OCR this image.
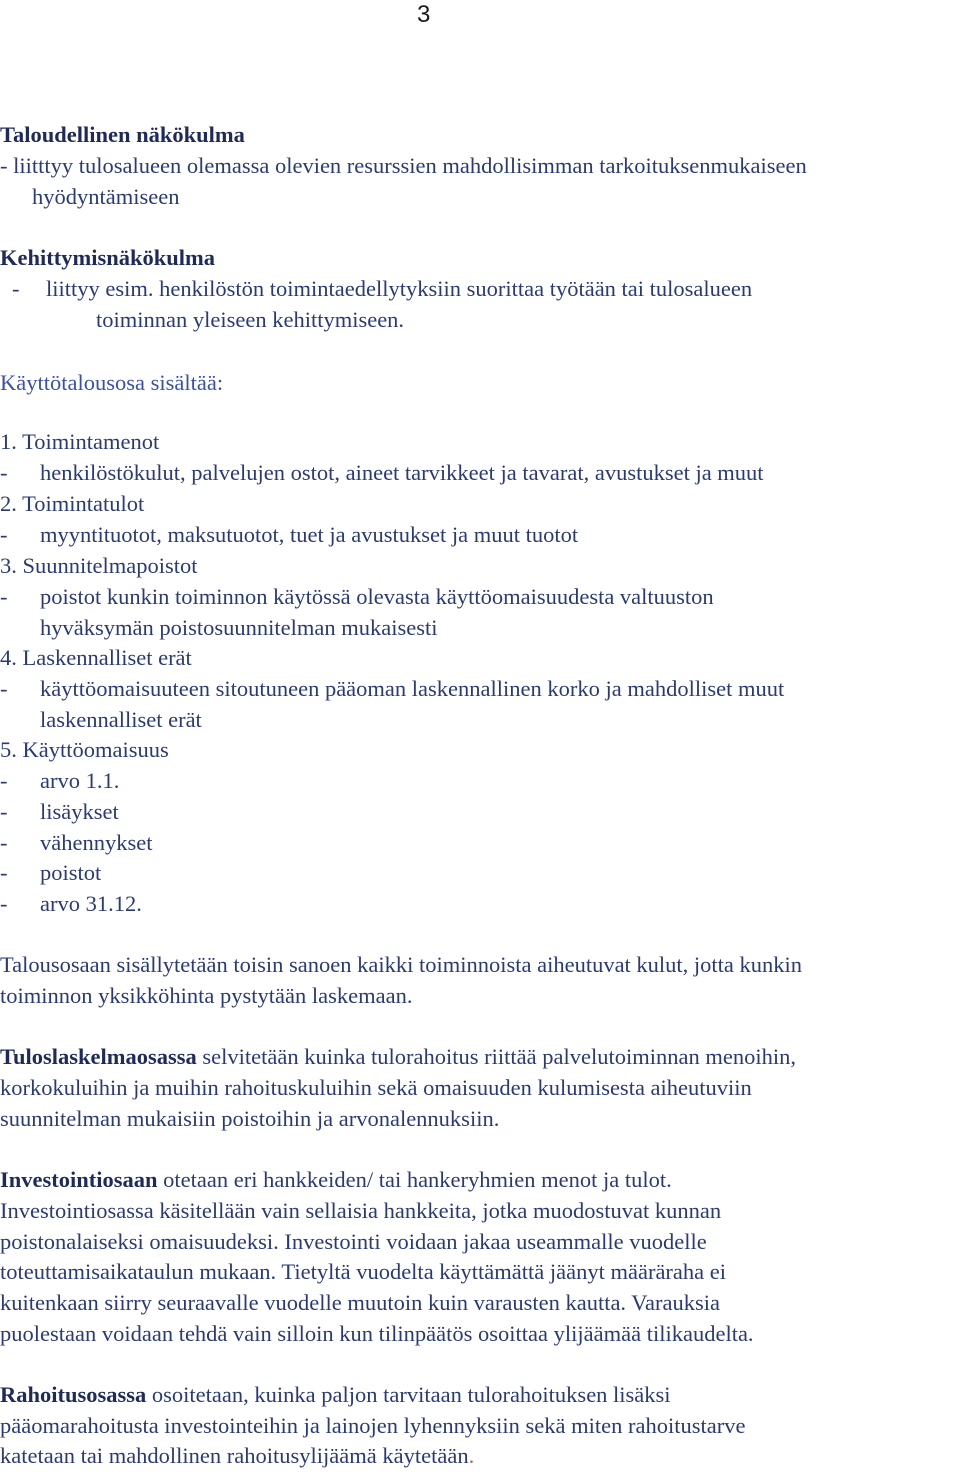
3
Taloudellinen näkökulma
- liitttyy tulosalueen olemassa olevien resurssien mahdollisimman tarkoituksenmukaiseen
hyödyntämiseen
Kehittymisnäkökulma
- liittyy esim. henkilöstön toimintaedellytyksiin suorittaa työtään tai tulosalueen
toiminnan yleiseen kehittymiseen.
Käyttötalousosa sisältää:
1. Toimintamenot
- henkilöstökulut, palvelujen ostot, aineet tarvikkeet ja tavarat, avustukset ja muut
2. Toimintatulot
- myyntituotot, maksutuotot, tuet ja avustukset ja muut tuotot
3. Suunnitelmapoistot
- poistot kunkin toiminnon käytössä olevasta käyttöomaisuudesta valtuuston
hyväksymän poistosuunnitelman mukaisesti
4. Laskennalliset erät
- käyttöomaisuuteen sitoutuneen pääoman laskennallinen korko ja mahdolliset muut
laskennalliset erät
5. Käyttöomaisuus
- arvo 1.1.
- lisäykset
- vähennykset
- poistot
- arvo 31.12.
Talousosaan sisällytetään toisin sanoen kaikki toiminnoista aiheutuvat kulut, jotta kunkin
toiminnon yksikköhinta pystytään laskemaan.
Tuloslaskelmaosassa selvitetään kuinka tulorahoitus riittää palvelutoiminnan menoihin,
korkokuluihin ja muihin rahoituskuluihin sekä omaisuuden kulumisesta aiheutuviin
suunnitelman mukaisiin poistoihin ja arvonalennuksiin.
Investointiosaan otetaan eri hankkeiden/ tai hankeryhmien menot ja tulot.
Investointiosassa käsitellään vain sellaisia hankkeita, jotka muodostuvat kunnan
poistonalaiseksi omaisuudeksi. Investointi voidaan jakaa useammalle vuodelle
toteuttamisaikataulun mukaan. Tietyltä vuodelta käyttämättä jäänyt määräraha ei
kuitenkaan siirry seuraavalle vuodelle muutoin kuin varausten kautta. Varauksia
puolestaan voidaan tehdä vain silloin kun tilinpäätös osoittaa ylijäämää tilikaudelta.
Rahoitusosassa osoitetaan, kuinka paljon tarvitaan tulorahoituksen lisäksi
pääomarahoitusta investointeihin ja lainojen lyhennyksiin sekä miten rahoitustarve
katetaan tai mahdollinen rahoitusylijäämä käytetään.
